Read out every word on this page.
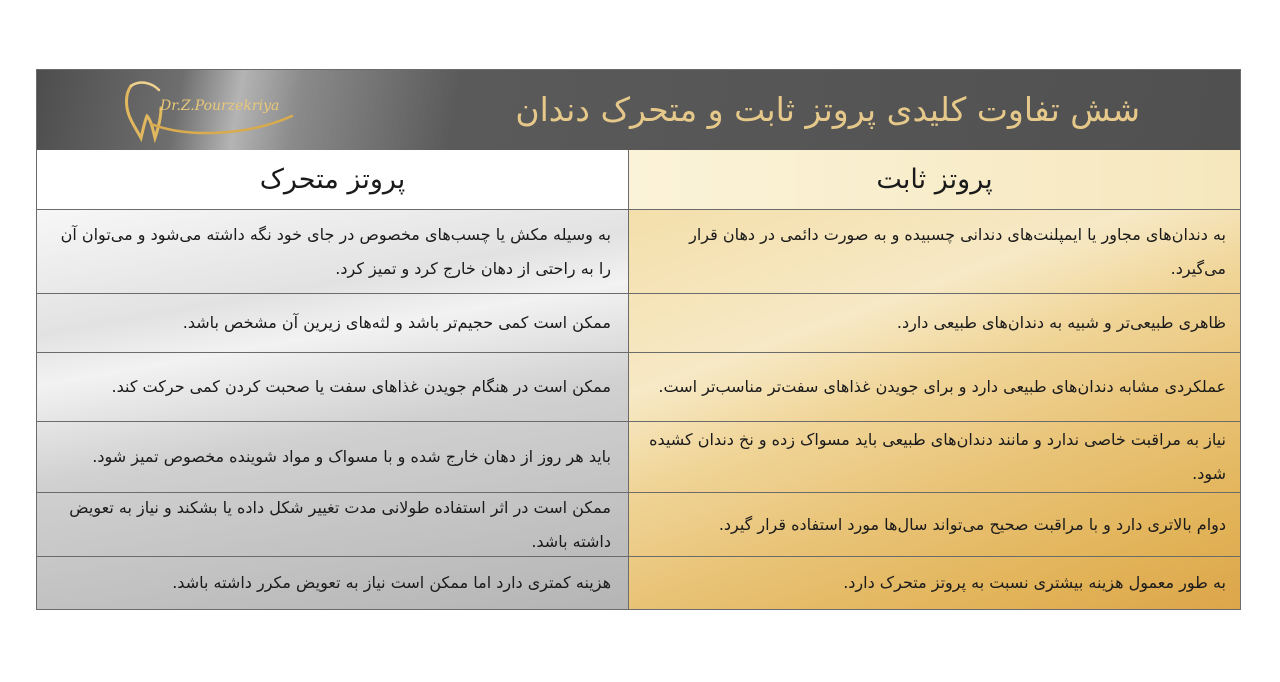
Dr.Z.Pourzekriya	شش تفاوت کلیدی پروتز ثابت و متحرک دندان
پروتز ثابت
پروتز متحرک
به دندان‌های مجاور یا ایمپلنت‌های دندانی چسبیده و به صورت دائمی در دهان قرار می‌گیرد.
به وسیله مکش یا چسب‌های مخصوص در جای خود نگه داشته می‌شود و می‌توان آن را به راحتی از دهان خارج کرد و تمیز کرد.
ظاهری طبیعی‌تر و شبیه به دندان‌های طبیعی دارد.
ممکن است کمی حجیم‌تر باشد و لثه‌های زیرین آن مشخص باشد.
عملکردی مشابه دندان‌های طبیعی دارد و برای جویدن غذاهای سفت‌تر مناسب‌تر است.
ممکن است در هنگام جویدن غذاهای سفت یا صحبت کردن کمی حرکت کند.
نیاز به مراقبت خاصی ندارد و مانند دندان‌های طبیعی باید مسواک زده و نخ دندان کشیده شود.
باید هر روز از دهان خارج شده و با مسواک و مواد شوینده مخصوص تمیز شود.
دوام بالاتری دارد و با مراقبت صحیح می‌تواند سال‌ها مورد استفاده قرار گیرد.
ممکن است در اثر استفاده طولانی مدت تغییر شکل داده یا بشکند و نیاز به تعویض داشته باشد.
به طور معمول هزینه بیشتری نسبت به پروتز متحرک دارد.
هزینه کمتری دارد اما ممکن است نیاز به تعویض مکرر داشته باشد.
